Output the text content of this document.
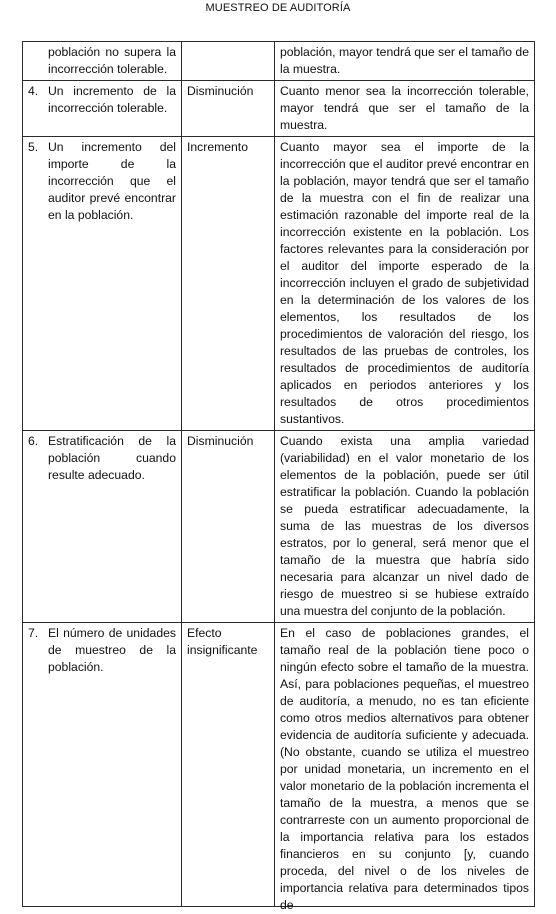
MUESTREO DE AUDITORÍA
población no supera la incorrección tolerable.		población, mayor tendrá que ser el tamaño de la muestra.

4. Un incremento de la incorrección tolerable.	Disminución	Cuanto menor sea la incorrección tolerable, mayor tendrá que ser el tamaño de la muestra.

5. Un incremento del importe de la incorrección que el auditor prevé encontrar en la población.	Incremento	Cuanto mayor sea el importe de la incorrección que el auditor prevé encontrar en la población, mayor tendrá que ser el tamaño de la muestra con el fin de realizar una estimación razonable del importe real de la incorrección existente en la población. Los factores relevantes para la consideración por el auditor del importe esperado de la incorrección incluyen el grado de subjetividad en la determinación de los valores de los elementos, los resultados de los procedimientos de valoración del riesgo, los resultados de las pruebas de controles, los resultados de procedimientos de auditoría aplicados en periodos anteriores y los resultados de otros procedimientos sustantivos.

6. Estratificación de la población cuando resulte adecuado.	Disminución	Cuando exista una amplia variedad (variabilidad) en el valor monetario de los elementos de la población, puede ser útil estratificar la población. Cuando la población se pueda estratificar adecuadamente, la suma de las muestras de los diversos estratos, por lo general, será menor que el tamaño de la muestra que habría sido necesaria para alcanzar un nivel dado de riesgo de muestreo si se hubiese extraído una muestra del conjunto de la población.

7. El número de unidades de muestreo de la población.	Efecto insignificante	En el caso de poblaciones grandes, el tamaño real de la población tiene poco o ningún efecto sobre el tamaño de la muestra. Así, para poblaciones pequeñas, el muestreo de auditoría, a menudo, no es tan eficiente como otros medios alternativos para obtener evidencia de auditoría suficiente y adecuada. (No obstante, cuando se utiliza el muestreo por unidad monetaria, un incremento en el valor monetario de la población incrementa el tamaño de la muestra, a menos que se contrarreste con un aumento proporcional de la importancia relativa para los estados financieros en su conjunto [y, cuando proceda, del nivel o de los niveles de importancia relativa para determinados tipos de
